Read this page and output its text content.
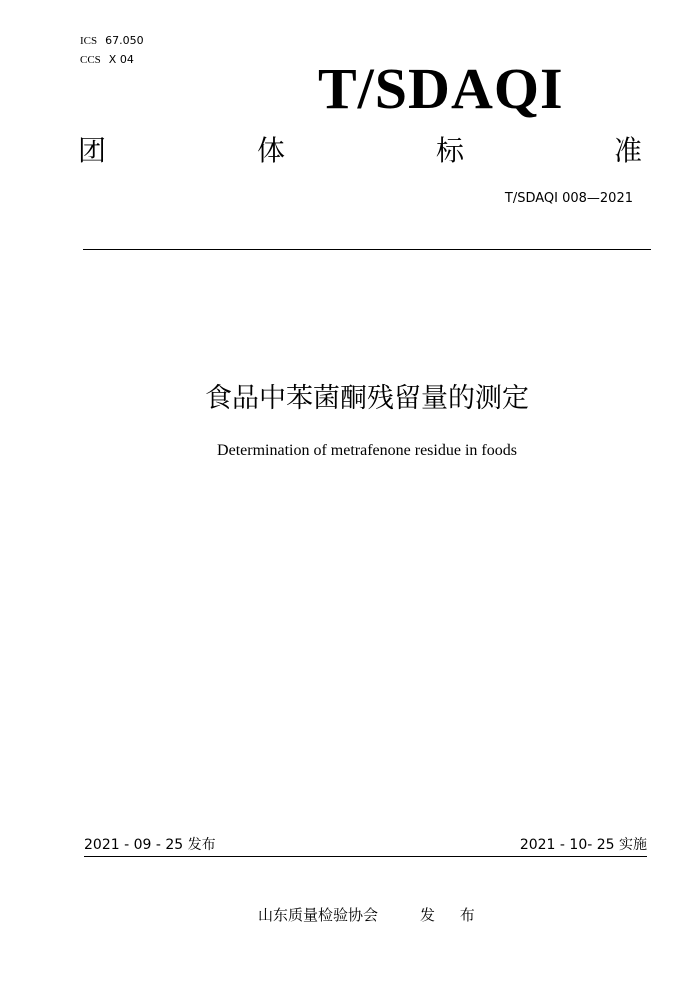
ICS 67.050
CCS X 04	T/SDAQI
团	体	标	准
T/SDAQI 008—2021
食品中苯菌酮残留量的测定
Determination of metrafenone residue in foods
2021 - 09 - 25 发布	2021 - 10- 25 实施
山东质量检验协会	发 布
